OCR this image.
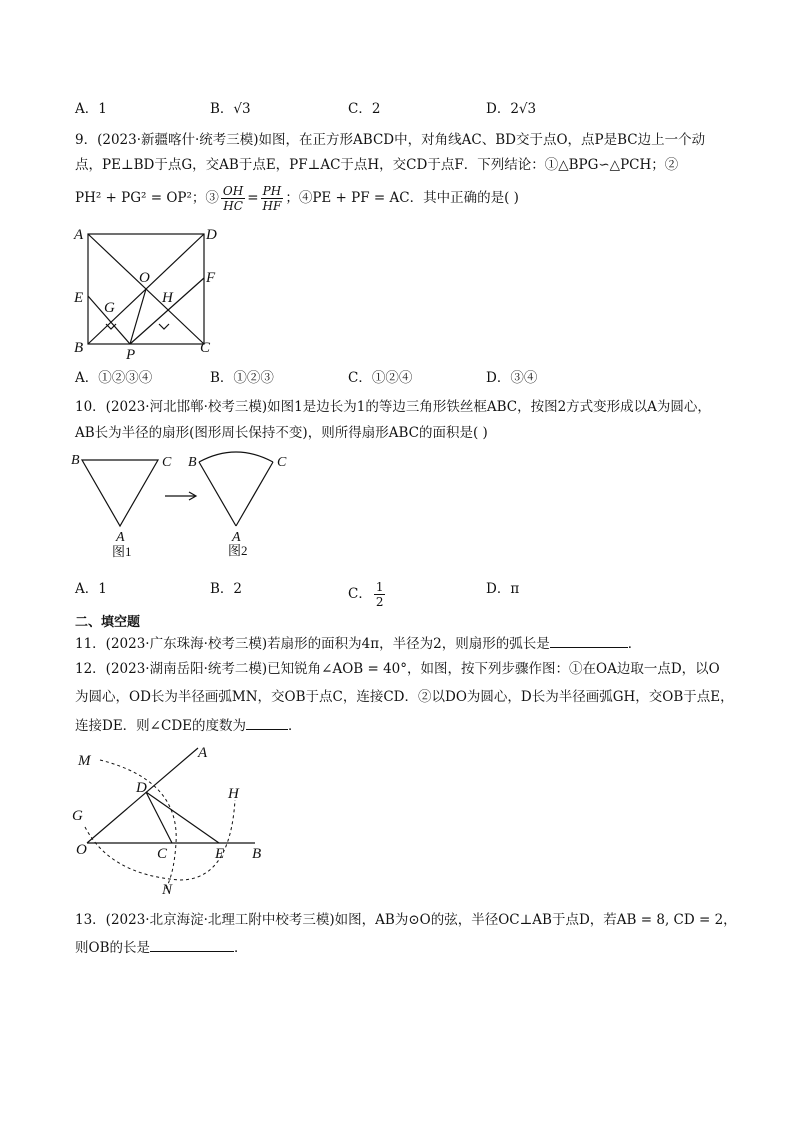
A．1	B．√3	C．2	D．2√3
9．(2023·新疆喀什·统考三模)如图，在正方形ABCD中，对角线AC、BD交于点O，点P是BC边上一个动
点，PE⊥BD于点G，交AB于点E，PF⊥AC于点H，交CD于点F．下列结论：①△BPG∽△PCH；②
PH² + PG² = OP²；③ $\frac{OH}{HC} = \frac{PH}{HF}$ ；④PE + PF = AC．其中正确的是( )
A	D
B	C
O
E
F
G
H
P
A．①②③④	B．①②③	C．①②④	D．③④
10．(2023·河北邯郸·校考三模)如图1是边长为1的等边三角形铁丝框ABC，按图2方式变形成以A为圆心，
AB长为半径的扇形(图形周长保持不变)，则所得扇形ABC的面积是( )
B	C
A
B	C
A
图1	图2
A．1	B．2	C． $\frac{1}{2}$	D．π
二、填空题
11．(2023·广东珠海·校考三模)若扇形的面积为4π，半径为2，则扇形的弧长是	．
12．(2023·湖南岳阳·统考二模)已知锐角∠AOB = 40°，如图，按下列步骤作图：①在OA边取一点D，以O
为圆心，OD长为半径画弧MN，交OB于点C，连接CD．②以DO为圆心，D长为半径画弧GH，交OB于点E，
连接DE．则∠CDE的度数为	．
M	A
D	H
G
O	C	E B
N
13．(2023·北京海淀·北理工附中校考三模)如图，AB为⊙O的弦，半径OC⊥AB于点D，若AB = 8, CD = 2，
则OB的长是	．
